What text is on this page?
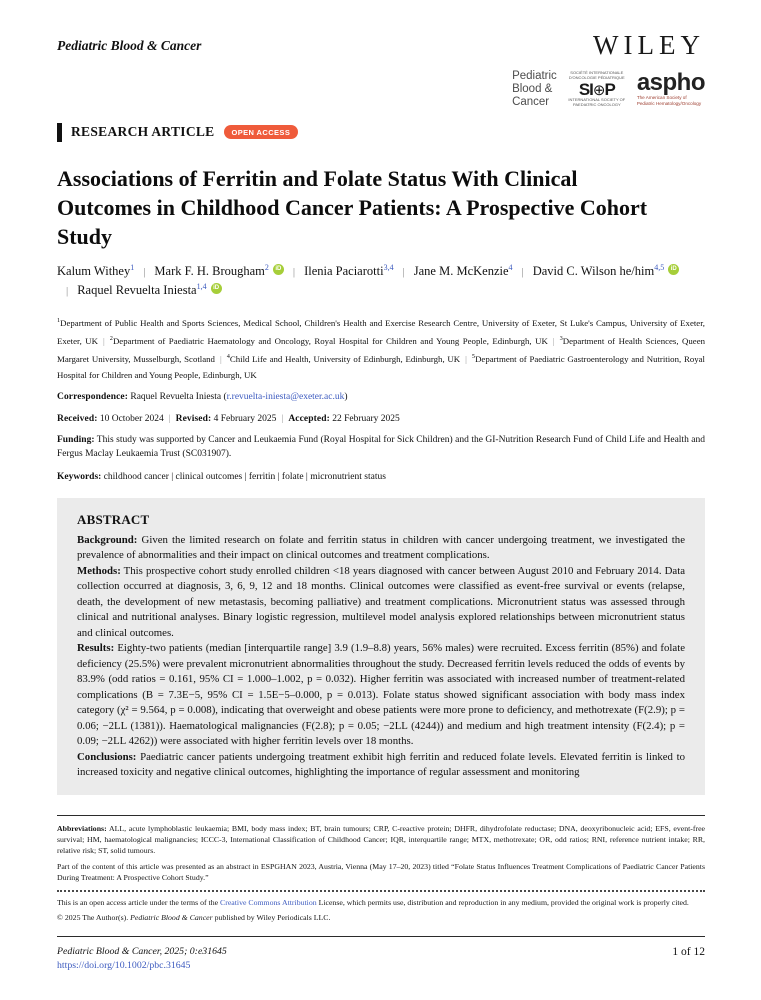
Pediatric Blood & Cancer	WILEY
Pediatric
Blood &
Cancer
SOCIÉTÉ INTERNATIONALE D'ONCOLOGIE PÉDIATRIQUE
SI⊕P
INTERNATIONAL SOCIETY OF PAEDIATRIC ONCOLOGY
aspho
The American Society of
Pediatric Hematology/Oncology
RESEARCH ARTICLE	OPEN ACCESS
Associations of Ferritin and Folate Status With Clinical Outcomes in Childhood Cancer Patients: A Prospective Cohort Study
Kalum Withey$^1$ | Mark F. H. Brougham$^2$ iD | Ilenia Paciarotti$^{3,4}$ | Jane M. McKenzie$^4$ | David C. Wilson he/him$^{4,5}$ iD| Raquel Revuelta Iniesta$^{1,4}$ iD
$^1$Department of Public Health and Sports Sciences, Medical School, Children's Health and Exercise Research Centre, University of Exeter, St Luke's Campus, University of Exeter, Exeter, UK | $^2$Department of Paediatric Haematology and Oncology, Royal Hospital for Children and Young People, Edinburgh, UK | $^3$Department of Health Sciences, Queen Margaret University, Musselburgh, Scotland | $^4$Child Life and Health, University of Edinburgh, Edinburgh, UK | $^5$Department of Paediatric Gastroenterology and Nutrition, Royal Hospital for Children and Young People, Edinburgh, UK
Correspondence: Raquel Revuelta Iniesta (r.revuelta-iniesta@exeter.ac.uk)
Received: 10 October 2024 | Revised: 4 February 2025 | Accepted: 22 February 2025
Funding: This study was supported by Cancer and Leukaemia Fund (Royal Hospital for Sick Children) and the GI-Nutrition Research Fund of Child Life and Health and Fergus Maclay Leukaemia Trust (SC031907).
Keywords: childhood cancer | clinical outcomes | ferritin | folate | micronutrient status
ABSTRACT

Background: Given the limited research on folate and ferritin status in children with cancer undergoing treatment, we investigated the prevalence of abnormalities and their impact on clinical outcomes and treatment complications.

Methods: This prospective cohort study enrolled children <18 years diagnosed with cancer between August 2010 and February 2014. Data collection occurred at diagnosis, 3, 6, 9, 12 and 18 months. Clinical outcomes were classified as event-free survival or events (relapse, death, the development of new metastasis, becoming palliative) and treatment complications. Micronutrient status was assessed through clinical and nutritional analyses. Binary logistic regression, multilevel model analysis explored relationships between micronutrient status and clinical outcomes.

Results: Eighty-two patients (median [interquartile range] 3.9 (1.9–8.8) years, 56% males) were recruited. Excess ferritin (85%) and folate deficiency (25.5%) were prevalent micronutrient abnormalities throughout the study. Decreased ferritin levels reduced the odds of events by 83.9% (odd ratios = 0.161, 95% CI = 1.000–1.002, p = 0.032). Higher ferritin was associated with increased number of treatment-related complications (B = 7.3E−5, 95% CI = 1.5E−5–0.000, p = 0.013). Folate status showed significant association with body mass index category (χ² = 9.564, p = 0.008), indicating that overweight and obese patients were more prone to deficiency, and methotrexate (F(2.9); p = 0.06; −2LL (1381)). Haematological malignancies (F(2.8); p = 0.05; −2LL (4244)) and medium and high treatment intensity (F(2.4); p = 0.09; −2LL 4262)) were associated with higher ferritin levels over 18 months.

Conclusions: Paediatric cancer patients undergoing treatment exhibit high ferritin and reduced folate levels. Elevated ferritin is linked to increased toxicity and negative clinical outcomes, highlighting the importance of regular assessment and monitoring

Abbreviations: ALL, acute lymphoblastic leukaemia; BMI, body mass index; BT, brain tumours; CRP, C-reactive protein; DHFR, dihydrofolate reductase; DNA, deoxyribonucleic acid; EFS, event-free survival; HM, haematological malignancies; ICCC-3, International Classification of Childhood Cancer; IQR, interquartile range; MTX, methotrexate; OR, odd ratios; RNI, reference nutrient intake; RR, relative risk; ST, solid tumours.
Part of the content of this article was presented as an abstract in ESPGHAN 2023, Austria, Vienna (May 17–20, 2023) titled “Folate Status Influences Treatment Complications of Paediatric Cancer Patients During Treatment: A Prospective Cohort Study.”
This is an open access article under the terms of the Creative Commons Attribution License, which permits use, distribution and reproduction in any medium, provided the original work is properly cited.
© 2025 The Author(s). Pediatric Blood & Cancer published by Wiley Periodicals LLC.
Pediatric Blood & Cancer, 2025; 0:e31645
https://doi.org/10.1002/pbc.31645
1 of 12
